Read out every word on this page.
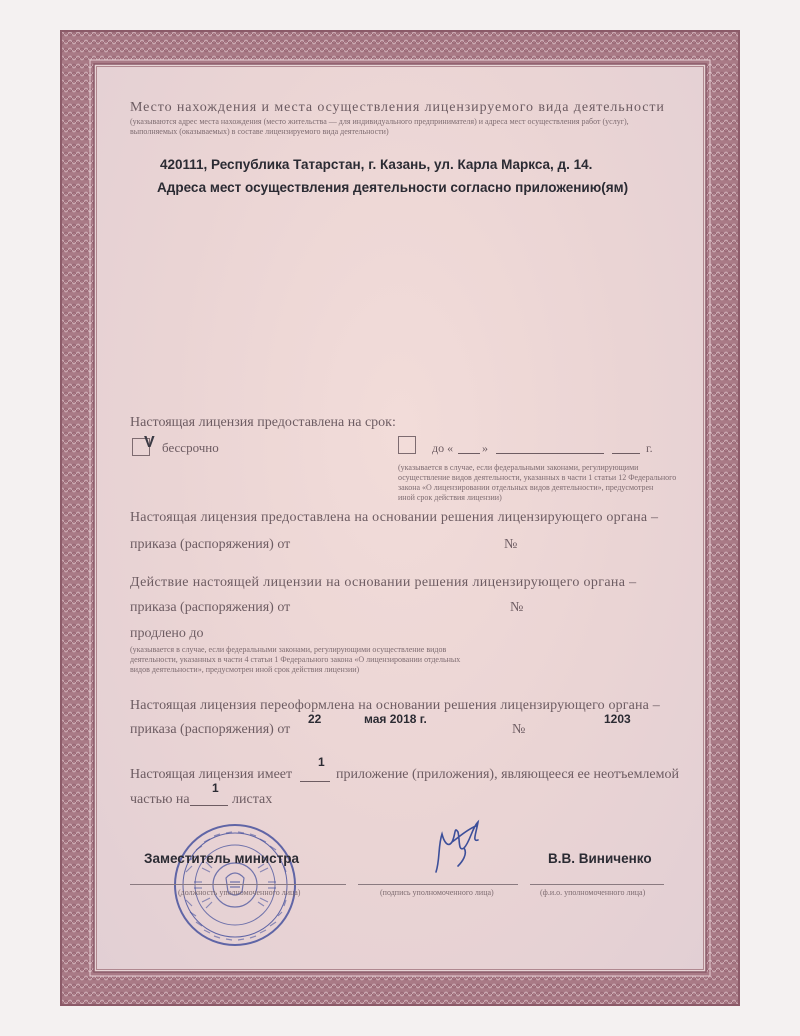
Место нахождения и места осуществления лицензируемого вида деятельности
(указываются адрес места нахождения (место жительства — для индивидуального предпринимателя) и адреса мест осуществления работ (услуг),
выполняемых (оказываемых) в составе лицензируемого вида деятельности)
420111, Республика Татарстан, г. Казань, ул. Карла Маркса, д. 14.
Адреса мест осуществления деятельности согласно приложению(ям)
Настоящая лицензия предоставлена на срок:
V бессрочно	до « »	г.
(указывается в случае, если федеральными законами, регулирующими
осуществление видов деятельности, указанных в части 1 статьи 12 Федерального
закона «О лицензировании отдельных видов деятельности», предусмотрен
иной срок действия лицензии)
Настоящая лицензия предоставлена на основании решения лицензирующего органа –
приказа (распоряжения) от	№
Действие настоящей лицензии на основании решения лицензирующего органа –
приказа (распоряжения) от	№
продлено до
(указывается в случае, если федеральными законами, регулирующими осуществление видов
деятельности, указанных в части 4 статьи 1 Федерального закона «О лицензировании отдельных
видов деятельности», предусмотрен иной срок действия лицензии)
Настоящая лицензия переоформлена на основании решения лицензирующего органа –
приказа (распоряжения) от
22	мая 2018 г.
№
1203
1
Настоящая лицензия имеет	приложение (приложения), являющееся ее неотъемлемой
1
частью на	листах
Заместитель министра	В.В. Виниченко
(должность уполномоченного лица)	(подпись уполномоченного лица)	(ф.и.о. уполномоченного лица)
